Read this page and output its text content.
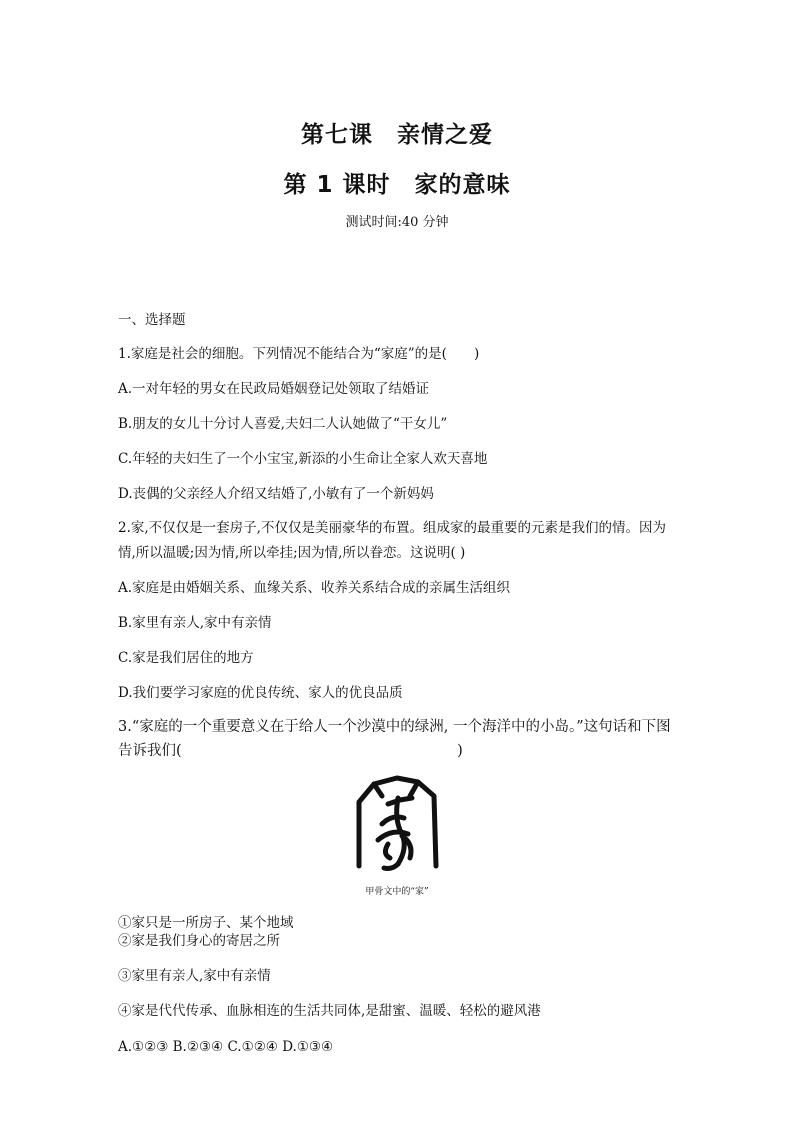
第七课　亲情之爱
第 1 课时　家的意味
测试时间:40 分钟
一、选择题
1.家庭是社会的细胞。下列情况不能结合为“家庭”的是(　　)
A.一对年轻的男女在民政局婚姻登记处领取了结婚证
B.朋友的女儿十分讨人喜爱,夫妇二人认她做了“干女儿”
C.年轻的夫妇生了一个小宝宝,新添的小生命让全家人欢天喜地
D.丧偶的父亲经人介绍又结婚了,小敏有了一个新妈妈
2.家,不仅仅是一套房子,不仅仅是美丽豪华的布置。组成家的最重要的元素是我们的情。因为
情,所以温暖;因为情,所以牵挂;因为情,所以眷恋。这说明( )
A.家庭是由婚姻关系、血缘关系、收养关系结合成的亲属生活组织
B.家里有亲人,家中有亲情
C.家是我们居住的地方
D.我们要学习家庭的优良传统、家人的优良品质
3.“家庭的一个重要意义在于给人一个沙漠中的绿洲, 一个海洋中的小岛。”这句话和下图
告诉我们(　　　　　　　　　　　　　　　　　　　)
甲骨文中的“家”
①家只是一所房子、某个地域
②家是我们身心的寄居之所
③家里有亲人,家中有亲情
④家是代代传承、血脉相连的生活共同体,是甜蜜、温暖、轻松的避风港
A.①②③ B.②③④ C.①②④ D.①③④
